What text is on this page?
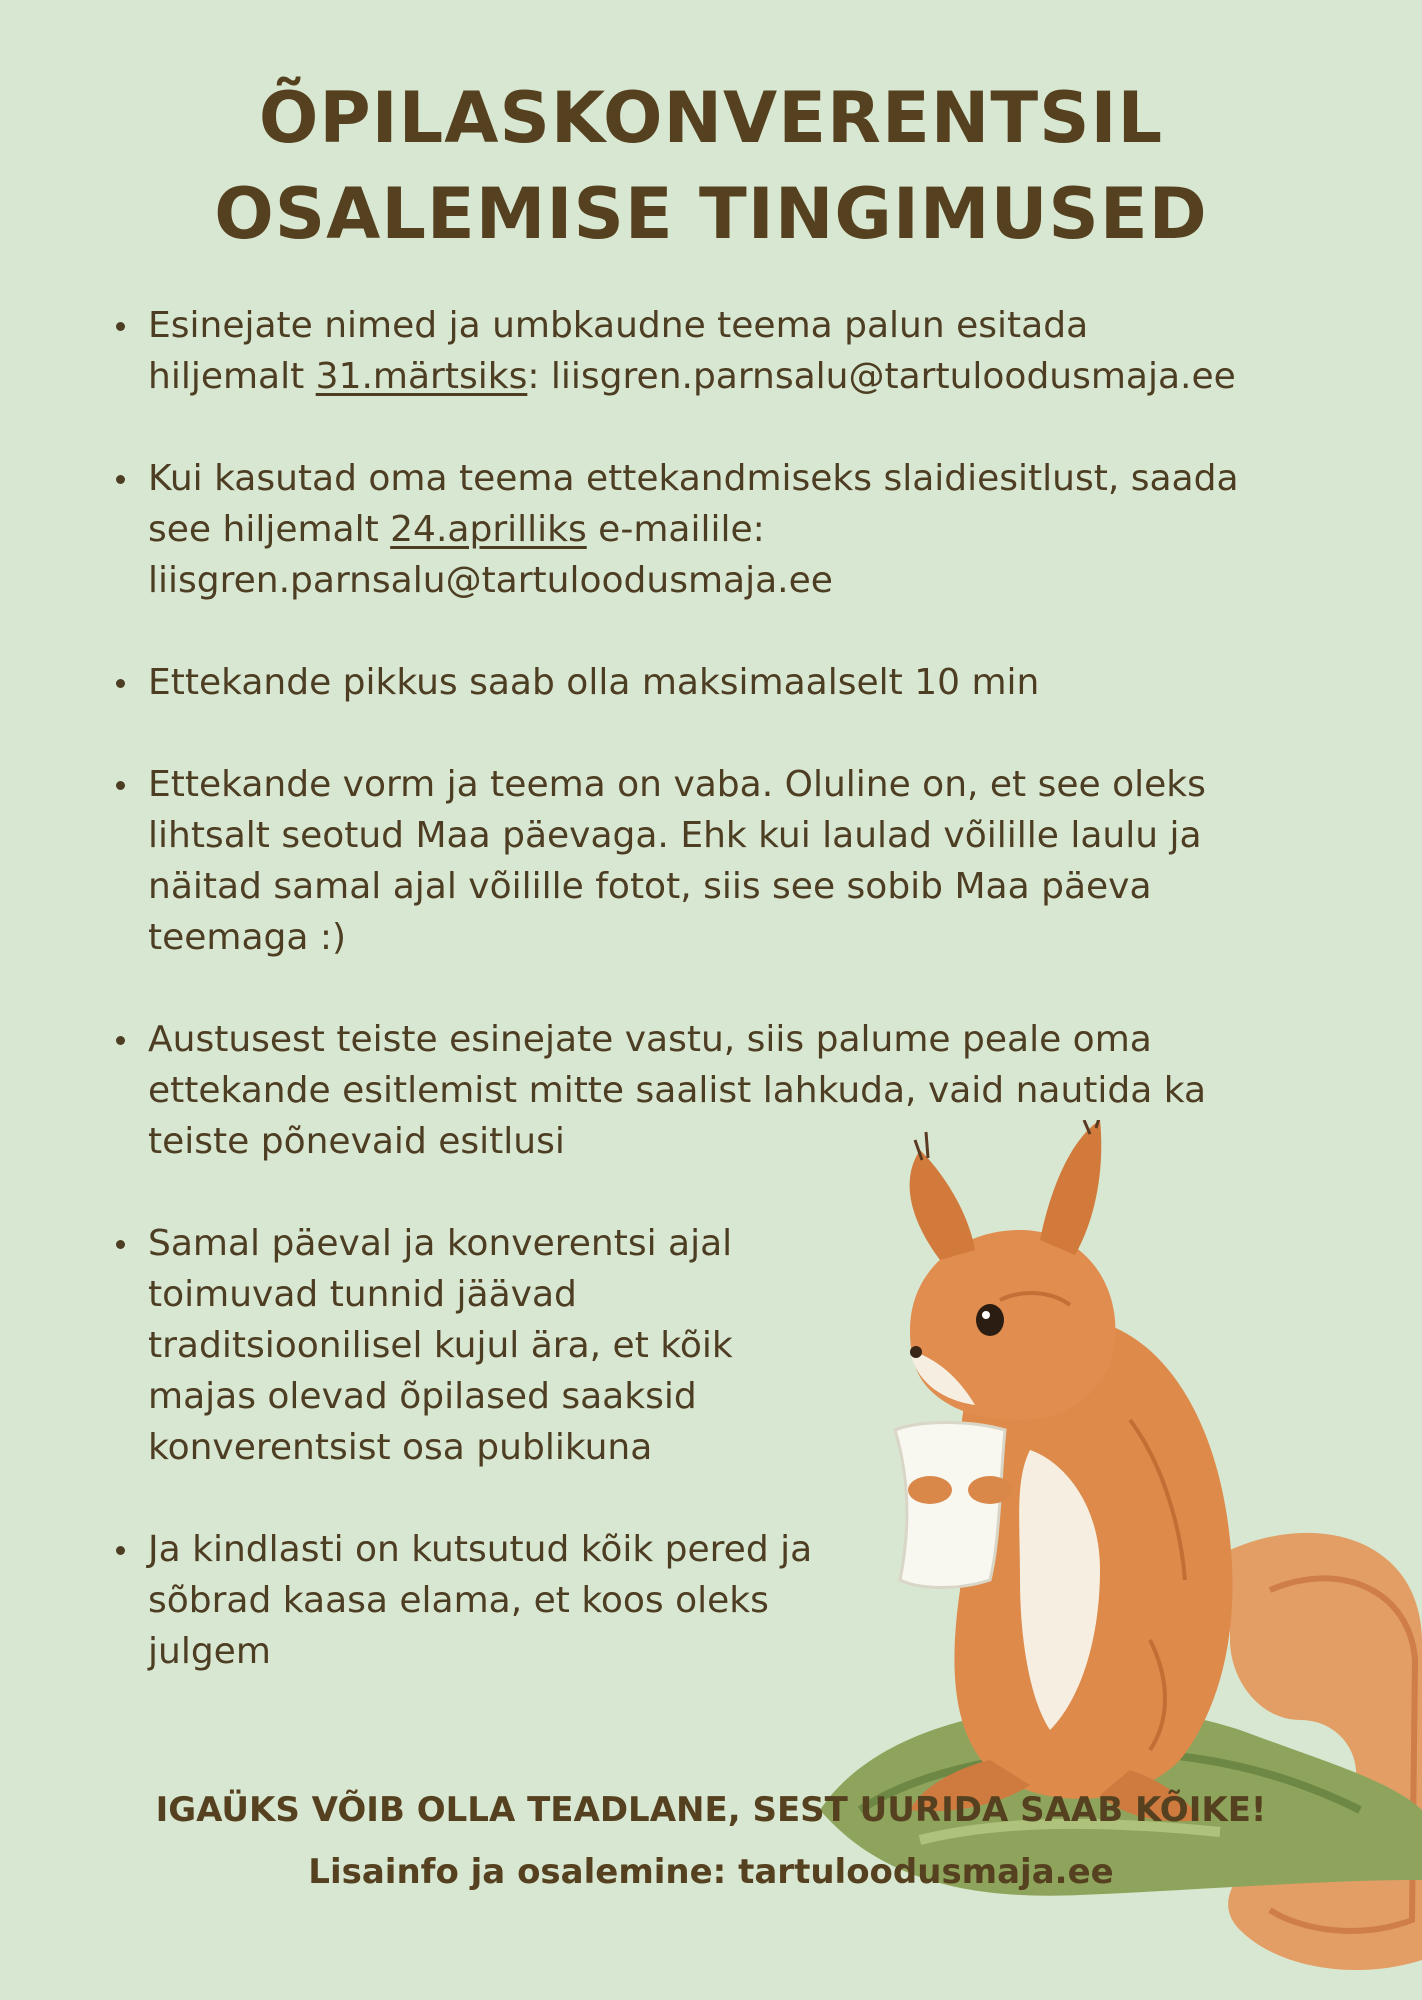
ÕPILASKONVERENTSIL
OSALEMISE TINGIMUSED
Esinejate nimed ja umbkaudne teema palun esitada
hiljemalt 31.märtsiks: liisgren.parnsalu@tartuloodusmaja.ee
Kui kasutad oma teema ettekandmiseks slaidiesitlust, saada
see hiljemalt 24.aprilliks e-mailile:
liisgren.parnsalu@tartuloodusmaja.ee
Ettekande pikkus saab olla maksimaalselt 10 min
Ettekande vorm ja teema on vaba. Oluline on, et see oleks
lihtsalt seotud Maa päevaga. Ehk kui laulad võilille laulu ja
näitad samal ajal võilille fotot, siis see sobib Maa päeva
teemaga :)
Austusest teiste esinejate vastu, siis palume peale oma
ettekande esitlemist mitte saalist lahkuda, vaid nautida ka
teiste põnevaid esitlusi
Samal päeval ja konverentsi ajal
toimuvad tunnid jäävad
traditsioonilisel kujul ära, et kõik
majas olevad õpilased saaksid
konverentsist osa publikuna
Ja kindlasti on kutsutud kõik pered ja
sõbrad kaasa elama, et koos oleks
julgem
IGAÜKS VÕIB OLLA TEADLANE, SEST UURIDA SAAB KÕIKE!
Lisainfo ja osalemine: tartuloodusmaja.ee
